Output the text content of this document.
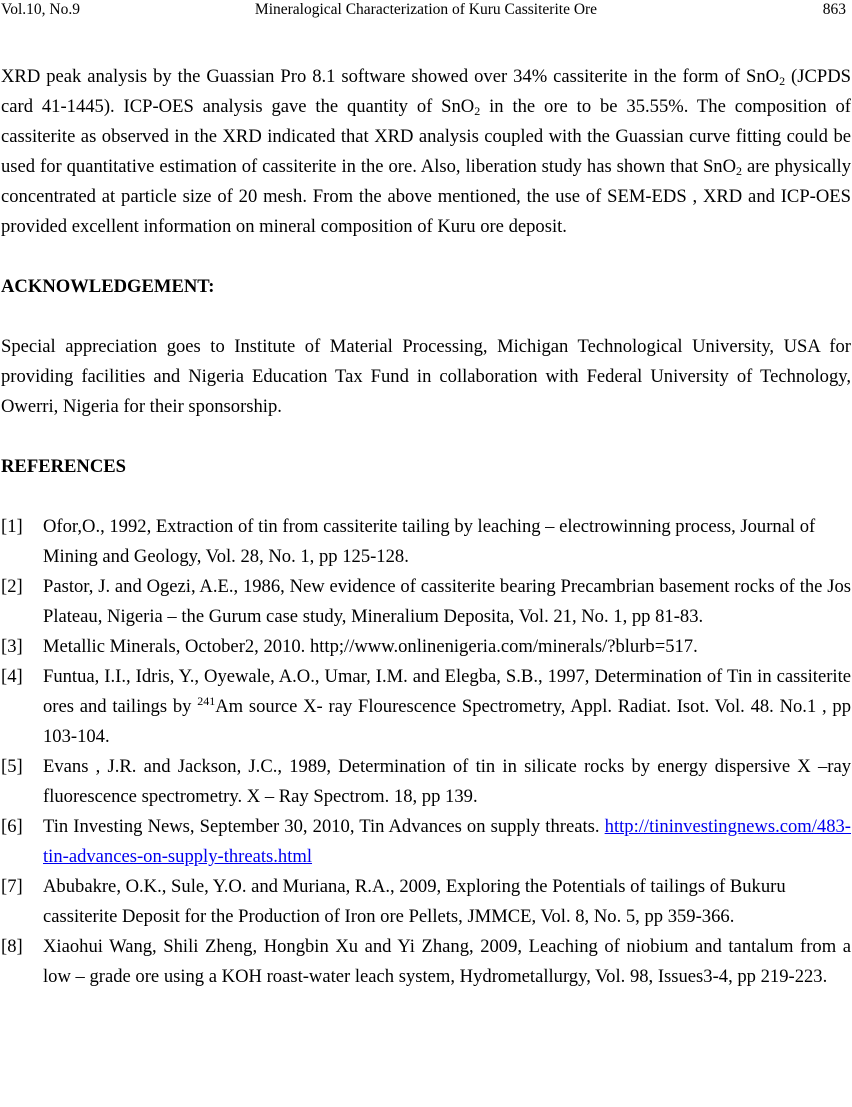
Vol.10, No.9	Mineralogical Characterization of Kuru Cassiterite Ore	863

XRD peak analysis by the Guassian Pro 8.1 software showed over 34% cassiterite in the form of SnO$_2$ (JCPDS card 41-1445). ICP-OES analysis gave the quantity of SnO$_2$ in the ore to be 35.55%. The composition of cassiterite as observed in the XRD indicated that XRD analysis coupled with the Guassian curve fitting could be used for quantitative estimation of cassiterite in the ore. Also, liberation study has shown that SnO$_2$ are physically concentrated at particle size of 20 mesh. From the above mentioned, the use of SEM-EDS , XRD and ICP-OES provided excellent information on mineral composition of Kuru ore deposit.

ACKNOWLEDGEMENT:

Special appreciation goes to Institute of Material Processing, Michigan Technological University, USA for providing facilities and Nigeria Education Tax Fund in collaboration with Federal University of Technology, Owerri, Nigeria for their sponsorship.

REFERENCES
[1] Ofor,O., 1992, Extraction of tin from cassiterite tailing by leaching – electrowinning process, Journal of Mining and Geology, Vol. 28, No. 1, pp 125-128.
[2] Pastor, J. and Ogezi, A.E., 1986, New evidence of cassiterite bearing Precambrian basement rocks of the Jos Plateau, Nigeria – the Gurum case study, Mineralium Deposita, Vol. 21, No. 1, pp 81-83.
[3] Metallic Minerals, October2, 2010. http;//www.onlinenigeria.com/minerals/?blurb=517.
[4] Funtua, I.I., Idris, Y., Oyewale, A.O., Umar, I.M. and Elegba, S.B., 1997, Determination of Tin in cassiterite ores and tailings by $^{241}$Am source X- ray Flourescence Spectrometry, Appl. Radiat. Isot. Vol. 48. No.1 , pp 103-104.
[5] Evans , J.R. and Jackson, J.C., 1989, Determination of tin in silicate rocks by energy dispersive X –ray fluorescence spectrometry. X – Ray Spectrom. 18, pp 139.
[6] Tin Investing News, September 30, 2010, Tin Advances on supply threats. http://tininvestingnews.com/483-tin-advances-on-supply-threats.html
[7] Abubakre, O.K., Sule, Y.O. and Muriana, R.A., 2009, Exploring the Potentials of tailings of Bukuru cassiterite Deposit for the Production of Iron ore Pellets, JMMCE, Vol. 8, No. 5, pp 359-366.
[8] Xiaohui Wang, Shili Zheng, Hongbin Xu and Yi Zhang, 2009, Leaching of niobium and tantalum from a low – grade ore using a KOH roast-water leach system, Hydrometallurgy, Vol. 98, Issues3-4, pp 219-223.
